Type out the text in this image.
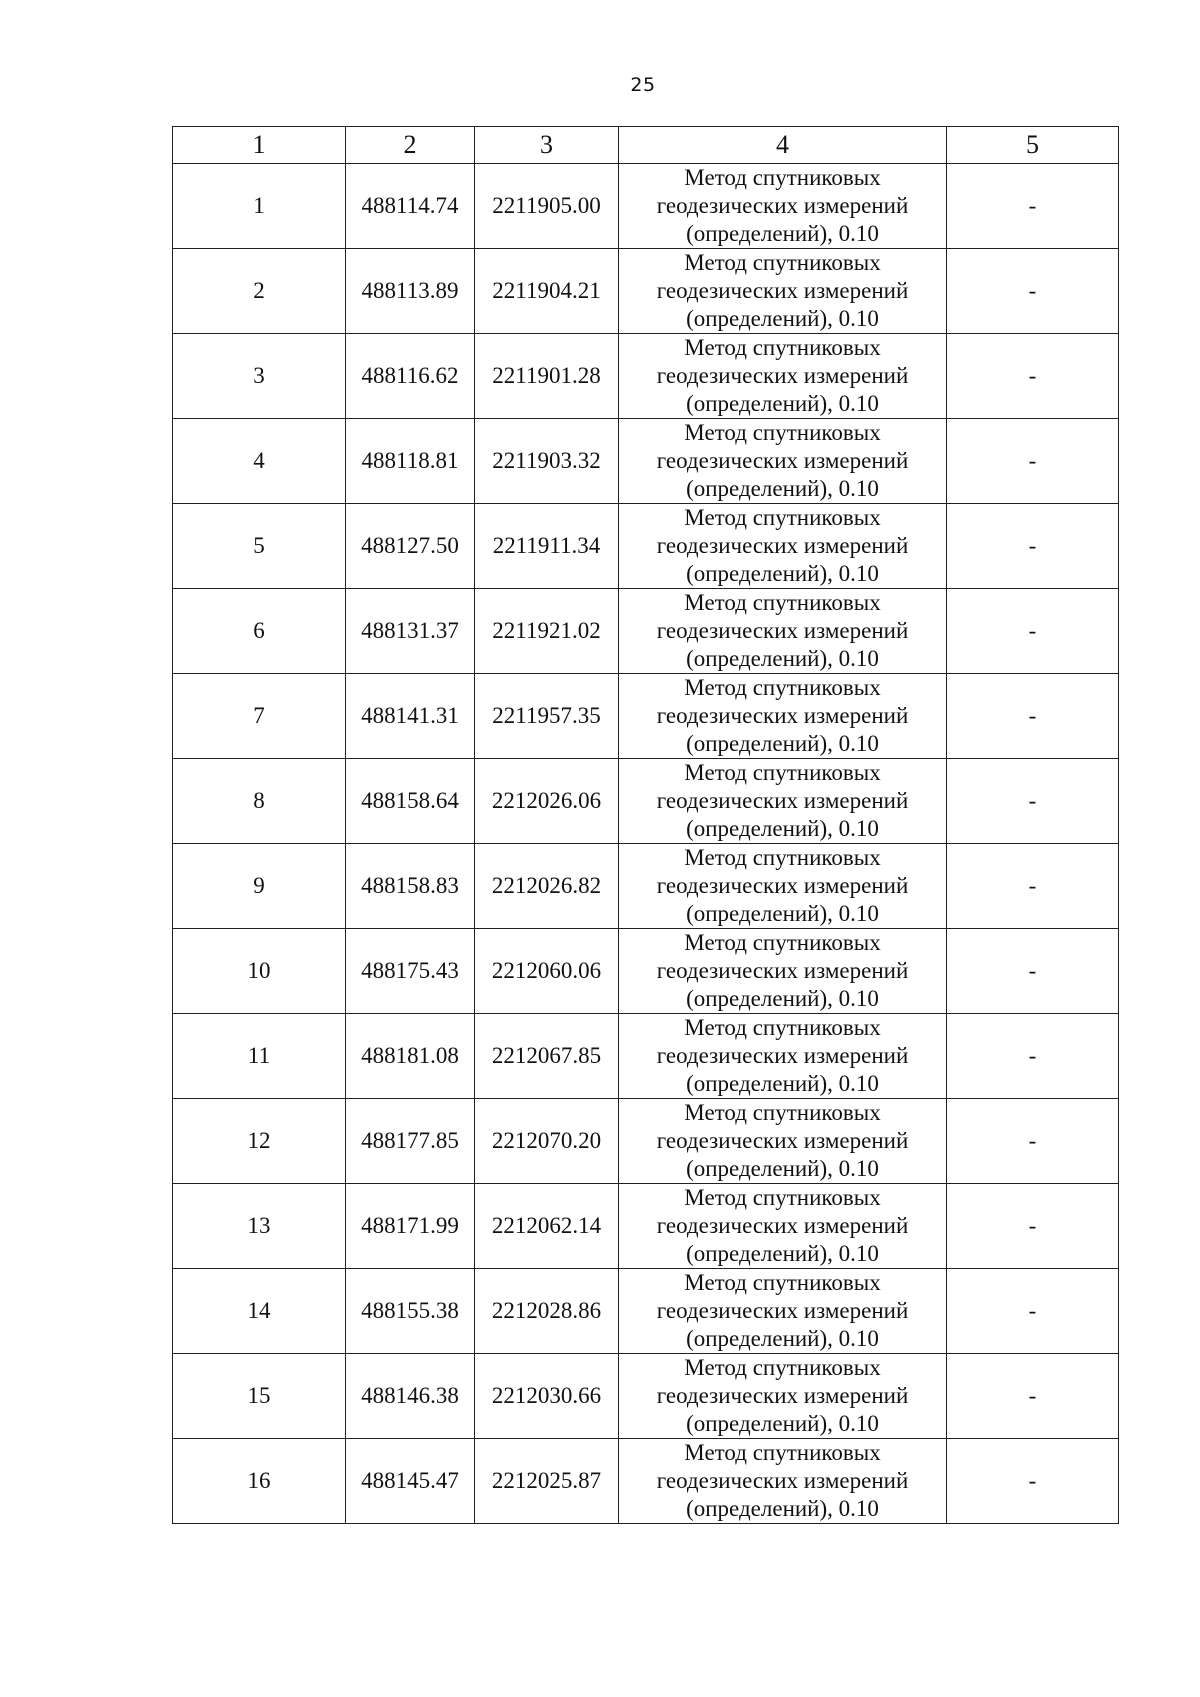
25
1	2	3	4	5
1	488114.74	2211905.00	Метод спутниковых
геодезических измерений
(определений), 0.10	-
2	488113.89	2211904.21	Метод спутниковых
геодезических измерений
(определений), 0.10	-
3	488116.62	2211901.28	Метод спутниковых
геодезических измерений
(определений), 0.10	-
4	488118.81	2211903.32	Метод спутниковых
геодезических измерений
(определений), 0.10	-
5	488127.50	2211911.34	Метод спутниковых
геодезических измерений
(определений), 0.10	-
6	488131.37	2211921.02	Метод спутниковых
геодезических измерений
(определений), 0.10	-
7	488141.31	2211957.35	Метод спутниковых
геодезических измерений
(определений), 0.10	-
8	488158.64	2212026.06	Метод спутниковых
геодезических измерений
(определений), 0.10	-
9	488158.83	2212026.82	Метод спутниковых
геодезических измерений
(определений), 0.10	-
10	488175.43	2212060.06	Метод спутниковых
геодезических измерений
(определений), 0.10	-
11	488181.08	2212067.85	Метод спутниковых
геодезических измерений
(определений), 0.10	-
12	488177.85	2212070.20	Метод спутниковых
геодезических измерений
(определений), 0.10	-
13	488171.99	2212062.14	Метод спутниковых
геодезических измерений
(определений), 0.10	-
14	488155.38	2212028.86	Метод спутниковых
геодезических измерений
(определений), 0.10	-
15	488146.38	2212030.66	Метод спутниковых
геодезических измерений
(определений), 0.10	-
16	488145.47	2212025.87	Метод спутниковых
геодезических измерений
(определений), 0.10	-
